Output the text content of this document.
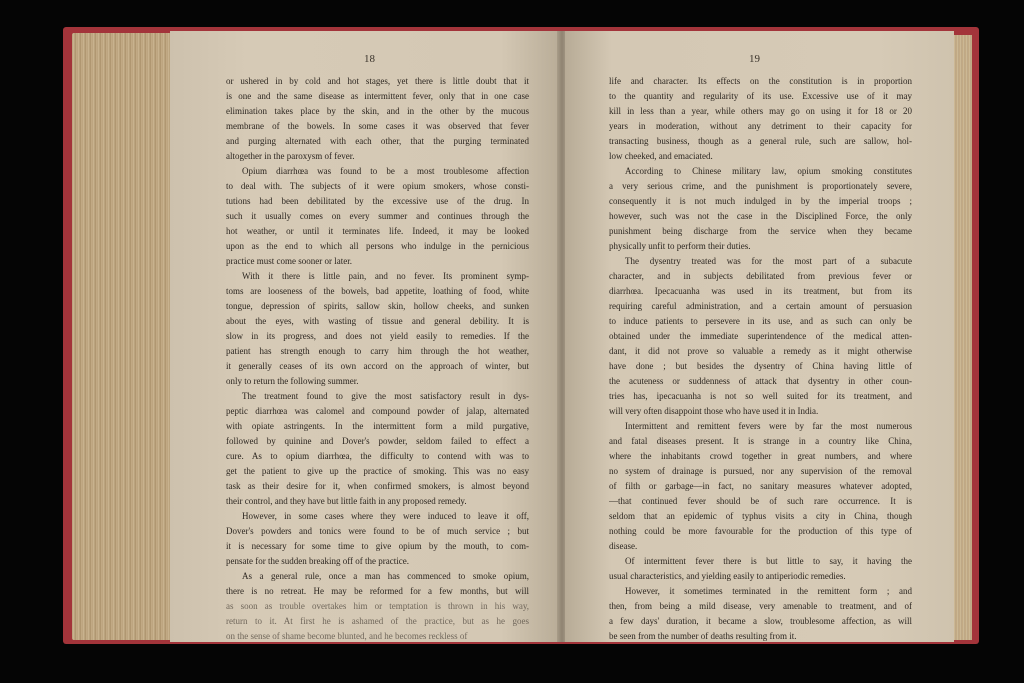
18
or ushered in by cold and hot stages, yet there is little doubt that it
is one and the same disease as intermittent fever, only that in one case
elimination takes place by the skin, and in the other by the mucous
membrane of the bowels. In some cases it was observed that fever
and purging alternated with each other, that the purging terminated
altogether in the paroxysm of fever.
Opium diarrhœa was found to be a most troublesome affection
to deal with. The subjects of it were opium smokers, whose consti-
tutions had been debilitated by the excessive use of the drug. In
such it usually comes on every summer and continues through the
hot weather, or until it terminates life. Indeed, it may be looked
upon as the end to which all persons who indulge in the pernicious
practice must come sooner or later.
With it there is little pain, and no fever. Its prominent symp-
toms are looseness of the bowels, bad appetite, loathing of food, white
tongue, depression of spirits, sallow skin, hollow cheeks, and sunken
about the eyes, with wasting of tissue and general debility. It is
slow in its progress, and does not yield easily to remedies. If the
patient has strength enough to carry him through the hot weather,
it generally ceases of its own accord on the approach of winter, but
only to return the following summer.
The treatment found to give the most satisfactory result in dys-
peptic diarrhœa was calomel and compound powder of jalap, alternated
with opiate astringents. In the intermittent form a mild purgative,
followed by quinine and Dover's powder, seldom failed to effect a
cure. As to opium diarrhœa, the difficulty to contend with was to
get the patient to give up the practice of smoking. This was no easy
task as their desire for it, when confirmed smokers, is almost beyond
their control, and they have but little faith in any proposed remedy.
However, in some cases where they were induced to leave it off,
Dover's powders and tonics were found to be of much service ; but
it is necessary for some time to give opium by the mouth, to com-
pensate for the sudden breaking off of the practice.
As a general rule, once a man has commenced to smoke opium,
there is no retreat. He may be reformed for a few months, but will
as soon as trouble overtakes him or temptation is thrown in his way,
return to it. At first he is ashamed of the practice, but as he goes
on the sense of shame become blunted, and he becomes reckless of
19
life and character. Its effects on the constitution is in proportion
to the quantity and regularity of its use. Excessive use of it may
kill in less than a year, while others may go on using it for 18 or 20
years in moderation, without any detriment to their capacity for
transacting business, though as a general rule, such are sallow, hol-
low cheeked, and emaciated.
According to Chinese military law, opium smoking constitutes
a very serious crime, and the punishment is proportionately severe,
consequently it is not much indulged in by the imperial troops ;
however, such was not the case in the Disciplined Force, the only
punishment being discharge from the service when they became
physically unfit to perform their duties.
The dysentry treated was for the most part of a subacute
character, and in subjects debilitated from previous fever or
diarrhœa. Ipecacuanha was used in its treatment, but from its
requiring careful administration, and a certain amount of persuasion
to induce patients to persevere in its use, and as such can only be
obtained under the immediate superintendence of the medical atten-
dant, it did not prove so valuable a remedy as it might otherwise
have done ; but besides the dysentry of China having little of
the acuteness or suddenness of attack that dysentry in other coun-
tries has, ipecacuanha is not so well suited for its treatment, and
will very often disappoint those who have used it in India.
Intermittent and remittent fevers were by far the most numerous
and fatal diseases present. It is strange in a country like China,
where the inhabitants crowd together in great numbers, and where
no system of drainage is pursued, nor any supervision of the removal
of filth or garbage—in fact, no sanitary measures whatever adopted,
—that continued fever should be of such rare occurrence. It is
seldom that an epidemic of typhus visits a city in China, though
nothing could be more favourable for the production of this type of
disease.
Of intermittent fever there is but little to say, it having the
usual characteristics, and yielding easily to antiperiodic remedies.
However, it sometimes terminated in the remittent form ; and
then, from being a mild disease, very amenable to treatment, and of
a few days' duration, it became a slow, troublesome affection, as will
be seen from the number of deaths resulting from it.
